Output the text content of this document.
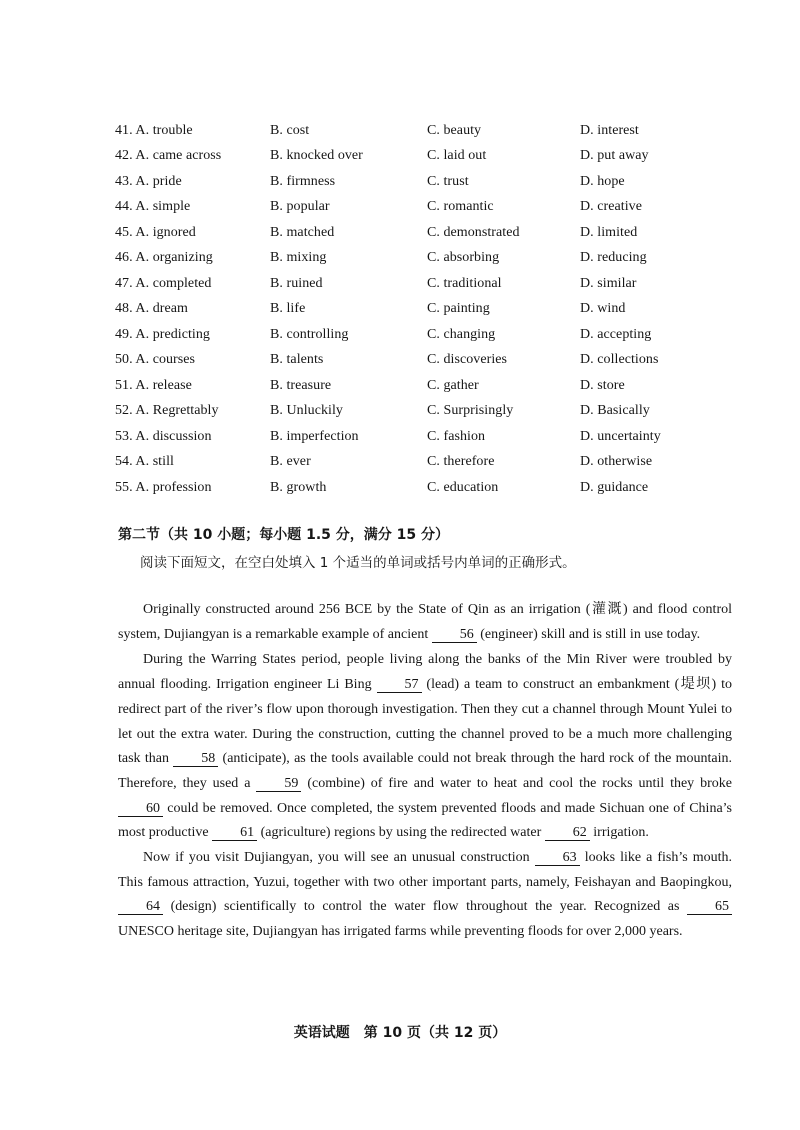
41. A. trouble	B. cost	C. beauty	D. interest
42. A. came across	B. knocked over	C. laid out	D. put away
43. A. pride	B. firmness	C. trust	D. hope
44. A. simple	B. popular	C. romantic	D. creative
45. A. ignored	B. matched	C. demonstrated	D. limited
46. A. organizing	B. mixing	C. absorbing	D. reducing
47. A. completed	B. ruined	C. traditional	D. similar
48. A. dream	B. life	C. painting	D. wind
49. A. predicting	B. controlling	C. changing	D. accepting
50. A. courses	B. talents	C. discoveries	D. collections
51. A. release	B. treasure	C. gather	D. store
52. A. Regrettably	B. Unluckily	C. Surprisingly	D. Basically
53. A. discussion	B. imperfection	C. fashion	D. uncertainty
54. A. still	B. ever	C. therefore	D. otherwise
55. A. profession	B. growth	C. education	D. guidance
第二节（共 10 小题；每小题 1.5 分，满分 15 分）
阅读下面短文，在空白处填入 1 个适当的单词或括号内单词的正确形式。

Originally constructed around 256 BCE by the State of Qin as an irrigation (灌溉) and flood control system, Dujiangyan is a remarkable example of ancient 56 (engineer) skill and is still in use today.

During the Warring States period, people living along the banks of the Min River were troubled by annual flooding. Irrigation engineer Li Bing 57 (lead) a team to construct an embankment (堤坝) to redirect part of the river’s flow upon thorough investigation. Then they cut a channel through Mount Yulei to let out the extra water. During the construction, cutting the channel proved to be a much more challenging task than 58 (anticipate), as the tools available could not break through the hard rock of the mountain. Therefore, they used a 59 (combine) of fire and water to heat and cool the rocks until they broke 60 could be removed. Once completed, the system prevented floods and made Sichuan one of China’s most productive 61 (agriculture) regions by using the redirected water 62 irrigation.

Now if you visit Dujiangyan, you will see an unusual construction 63 looks like a fish’s mouth. This famous attraction, Yuzui, together with two other important parts, namely, Feishayan and Baopingkou, 64 (design) scientifically to control the water flow throughout the year. Recognized as 65 UNESCO heritage site, Dujiangyan has irrigated farms while preventing floods for over 2,000 years.

英语试题　第 10 页（共 12 页）
